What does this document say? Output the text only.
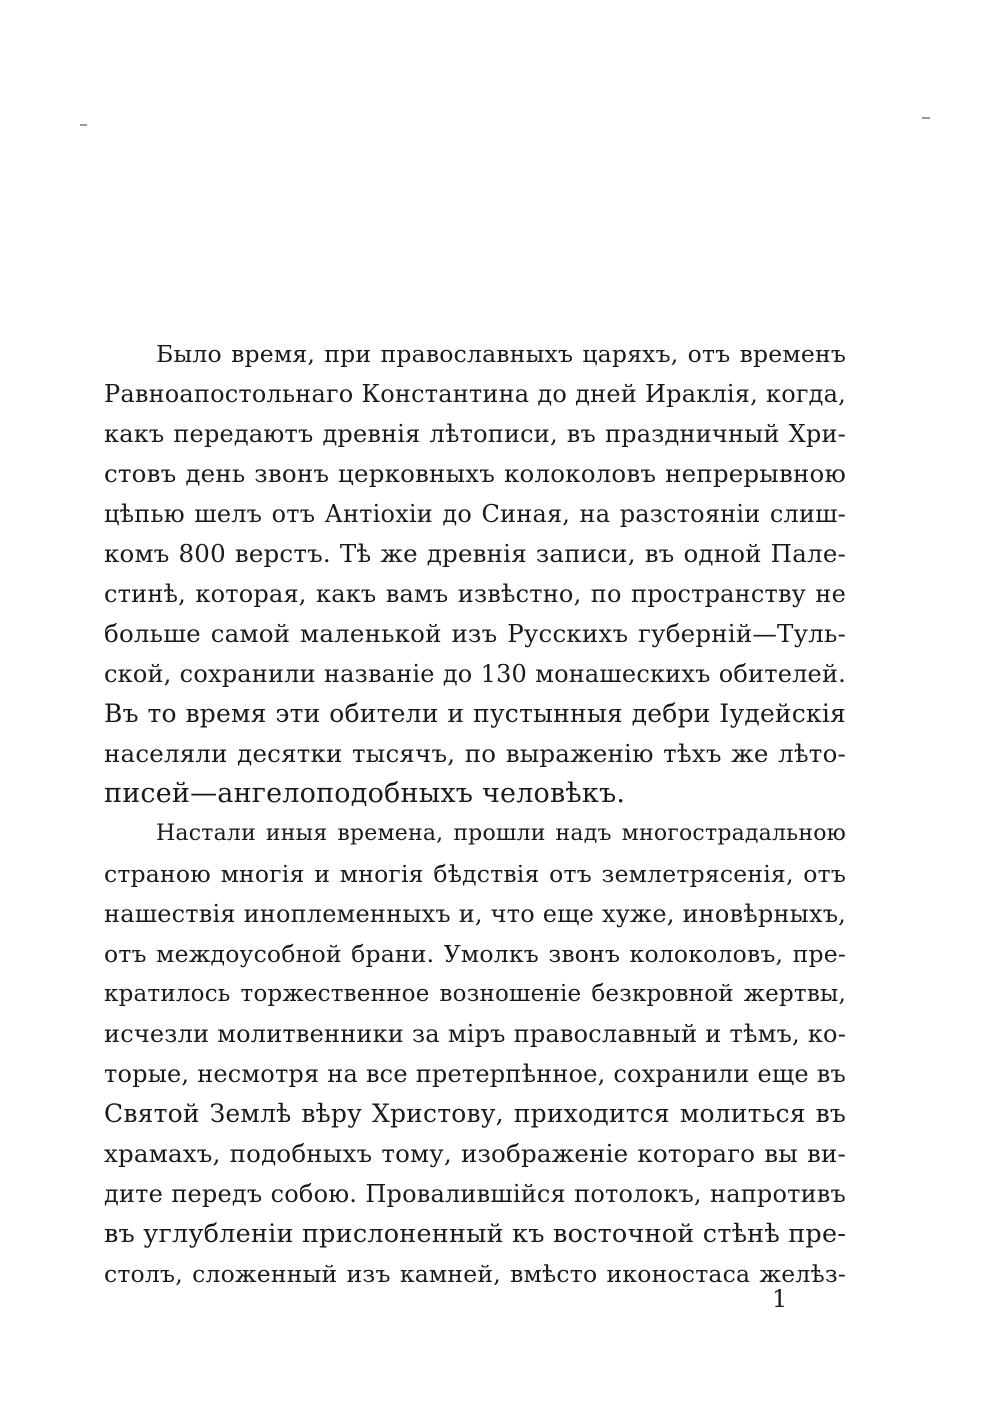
Было время, при православныхъ царяхъ, отъ временъ
Равноапостольнаго Константина до дней Ираклія, когда,
какъ передаютъ древнія лѣтописи, въ праздничный Хри-
стовъ день звонъ церковныхъ колоколовъ непрерывною
цѣпью шелъ отъ Антіохіи до Синая, на разстояніи слиш-
комъ 800 верстъ. Тѣ же древнія записи, въ одной Пале-
стинѣ, которая, какъ вамъ извѣстно, по пространству не
больше самой маленькой изъ Русскихъ губерній—Туль-
ской, сохранили названіе до 130 монашескихъ обителей.
Въ то время эти обители и пустынныя дебри Іудейскія
населяли десятки тысячъ, по выраженію тѣхъ же лѣто-
писей—ангелоподобныхъ человѣкъ.
Настали иныя времена, прошли надъ многострадальною
страною многія и многія бѣдствія отъ землетрясенія, отъ
нашествія иноплеменныхъ и, что еще хуже, иновѣрныхъ,
отъ междоусобной брани. Умолкъ звонъ колоколовъ, пре-
кратилось торжественное возношеніе безкровной жертвы,
исчезли молитвенники за міръ православный и тѣмъ, ко-
торые, несмотря на все претерпѣнное, сохранили еще въ
Святой Землѣ вѣру Христову, приходится молиться въ
храмахъ, подобныхъ тому, изображеніе котораго вы ви-
дите передъ собою. Провалившійся потолокъ, напротивъ
въ углубленіи прислоненный къ восточной стѣнѣ пре-
столъ, сложенный изъ камней, вмѣсто иконостаса желѣз-
1
